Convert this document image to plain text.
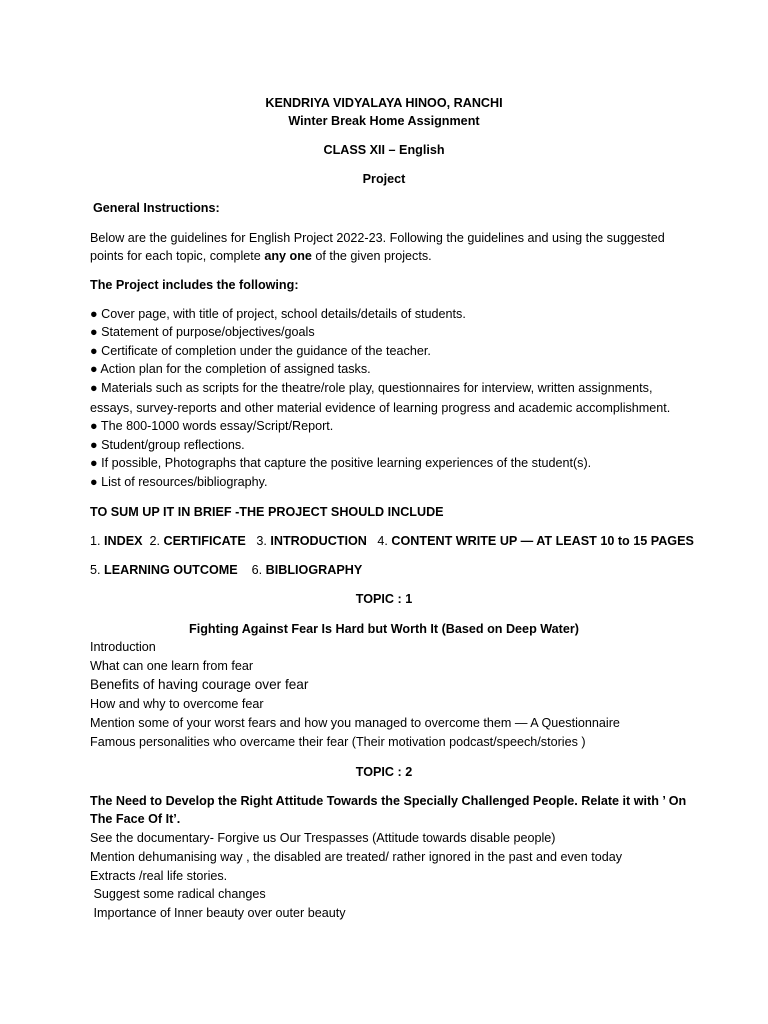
KENDRIYA VIDYALAYA HINOO, RANCHI
Winter Break Home Assignment
CLASS XII – English
Project
General Instructions:
Below are the guidelines for English Project 2022-23. Following the guidelines and using the suggested
points for each topic, complete any one of the given projects.
The Project includes the following:
● Cover page, with title of project, school details/details of students.
● Statement of purpose/objectives/goals
● Certificate of completion under the guidance of the teacher.
● Action plan for the completion of assigned tasks.
● Materials such as scripts for the theatre/role play, questionnaires for interview, written assignments,
essays, survey-reports and other material evidence of learning progress and academic accomplishment.
● The 800-1000 words essay/Script/Report.
● Student/group reflections.
● If possible, Photographs that capture the positive learning experiences of the student(s).
● List of resources/bibliography.
TO SUM UP IT IN BRIEF -THE PROJECT SHOULD INCLUDE
1. INDEX  2. CERTIFICATE   3. INTRODUCTION   4. CONTENT WRITE UP — AT LEAST 10 to 15 PAGES
5. LEARNING OUTCOME    6. BIBLIOGRAPHY
TOPIC : 1
Fighting Against Fear Is Hard but Worth It (Based on Deep Water)
Introduction
What can one learn from fear
Benefits of having courage over fear
How and why to overcome fear
Mention some of your worst fears and how you managed to overcome them — A Questionnaire
Famous personalities who overcame their fear (Their motivation podcast/speech/stories )
TOPIC : 2
The Need to Develop the Right Attitude Towards the Specially Challenged People. Relate it with ’ On
The Face Of It’.
See the documentary- Forgive us Our Trespasses (Attitude towards disable people)
Mention dehumanising way , the disabled are treated/ rather ignored in the past and even today
Extracts /real life stories.
Suggest some radical changes
Importance of Inner beauty over outer beauty
